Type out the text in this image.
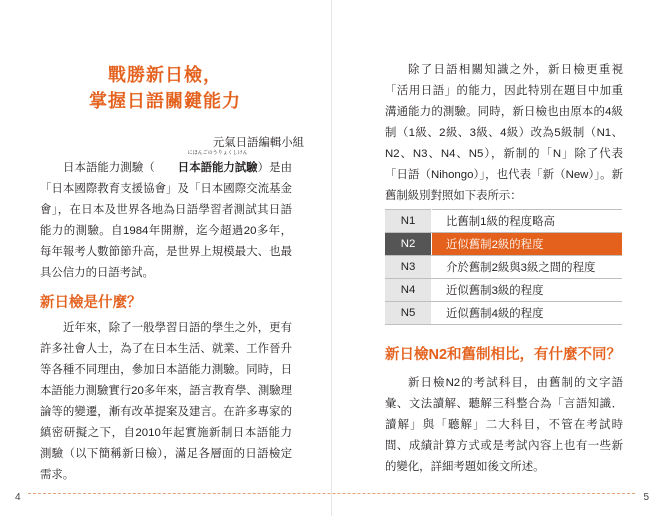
戰勝新日檢，
掌握日語關鍵能力
元氣日語編輯小組

日本語能力測驗（
にほんごのうりょくしけん
日本語能力試驗）是由「日本國際教育支援協會」及「日本國際交流基金會」，在日本及世界各地為日語學習者測試其日語能力的測驗。自1984年開辦，迄今超過20多年，每年報考人數節節升高，是世界上規模最大、也最具公信力的日語考試。

新日檢是什麼？

近年來，除了一般學習日語的學生之外，更有許多社會人士，為了在日本生活、就業、工作晉升等各種不同理由，參加日本語能力測驗。同時，日本語能力測驗實行20多年來，語言教育學、測驗理論等的變遷，漸有改革提案及建言。在許多專家的縝密研擬之下，自2010年起實施新制日本語能力測驗（以下簡稱新日檢），滿足各層面的日語檢定需求。

4

除了日語相關知識之外，新日檢更重視「活用日語」的能力，因此特別在題目中加重溝通能力的測驗。同時，新日檢也由原本的4級制（1級、2級、3級、4級）改為5級制（N1、N2、N3、N4、N5），新制的「N」除了代表「日語（Nihongo）」，也代表「新（New）」。新舊制級別對照如下表所示：

N1	比舊制1級的程度略高
N2	近似舊制2級的程度
N3	介於舊制2級與3級之間的程度
N4	近似舊制3級的程度
N5	近似舊制4級的程度
新日檢N2和舊制相比，有什麼不同？

新日檢N2的考試科目，由舊制的文字語彙、文法讀解、聽解三科整合為「言語知識．讀解」與「聽解」二大科目，不管在考試時間、成績計算方式或是考試內容上也有一些新的變化，詳細考題如後文所述。

5
